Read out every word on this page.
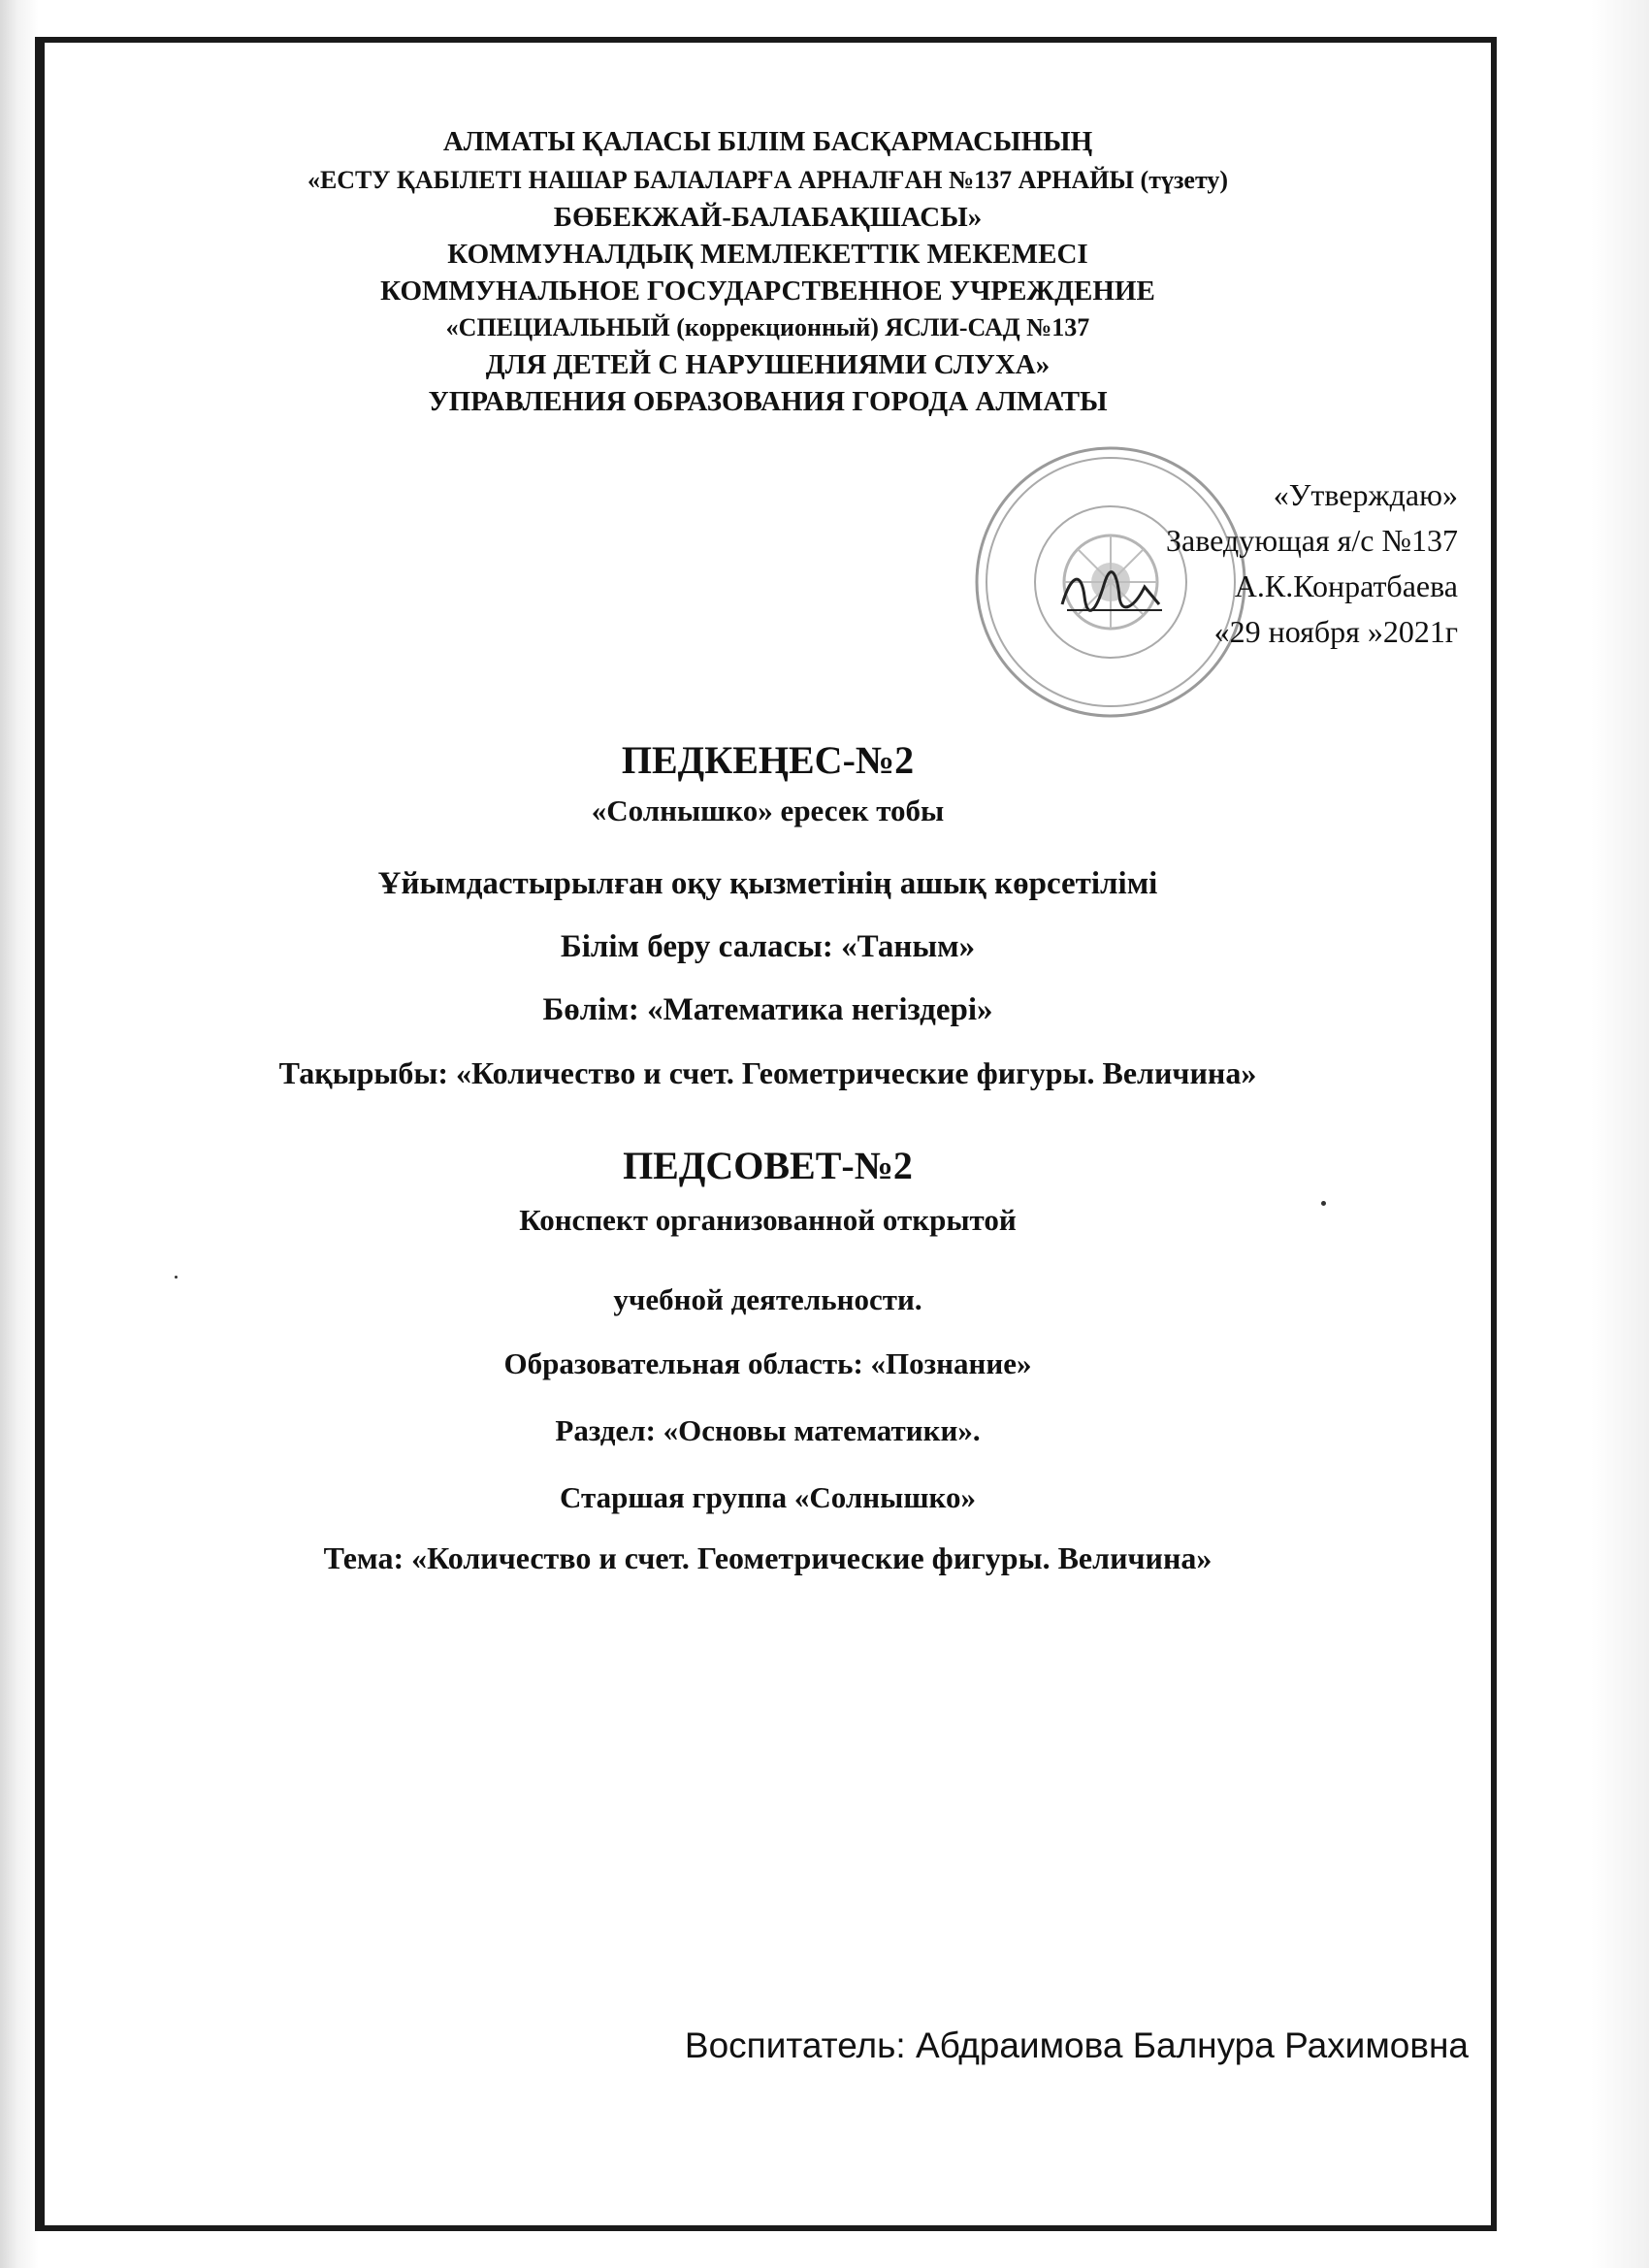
АЛМАТЫ ҚАЛАСЫ БІЛІМ БАСҚАРМАСЫНЫҢ
«ЕСТУ ҚАБІЛЕТІ НАШАР БАЛАЛАРҒА АРНАЛҒАН №137 АРНАЙЫ (түзету)
БӨБЕКЖАЙ-БАЛАБАҚШАСЫ»
КОММУНАЛДЫҚ МЕМЛЕКЕТТІК МЕКЕМЕСІ
КОММУНАЛЬНОЕ ГОСУДАРСТВЕННОЕ УЧРЕЖДЕНИЕ
«СПЕЦИАЛЬНЫЙ (коррекционный) ЯСЛИ-САД №137
ДЛЯ ДЕТЕЙ С НАРУШЕНИЯМИ СЛУХА»
УПРАВЛЕНИЯ ОБРАЗОВАНИЯ ГОРОДА АЛМАТЫ
«Утверждаю»
Заведующая я/с №137
А.К.Конратбаева
«29 ноября »2021г
ПЕДКЕҢЕС-№2
«Солнышко» ересек тобы
Ұйымдастырылған оқу қызметінің ашық көрсетілімі
Білім беру саласы: «Таным»
Бөлім: «Математика негіздері»
Тақырыбы: «Количество и счет. Геометрические фигуры. Величина»
ПЕДСОВЕТ-№2
Конспект организованной открытой
учебной деятельности.
Образовательная область: «Познание»
Раздел: «Основы математики».
Старшая группа «Солнышко»
Тема: «Количество и счет. Геометрические фигуры. Величина»
Воспитатель: Абдраимова Балнура Рахимовна
